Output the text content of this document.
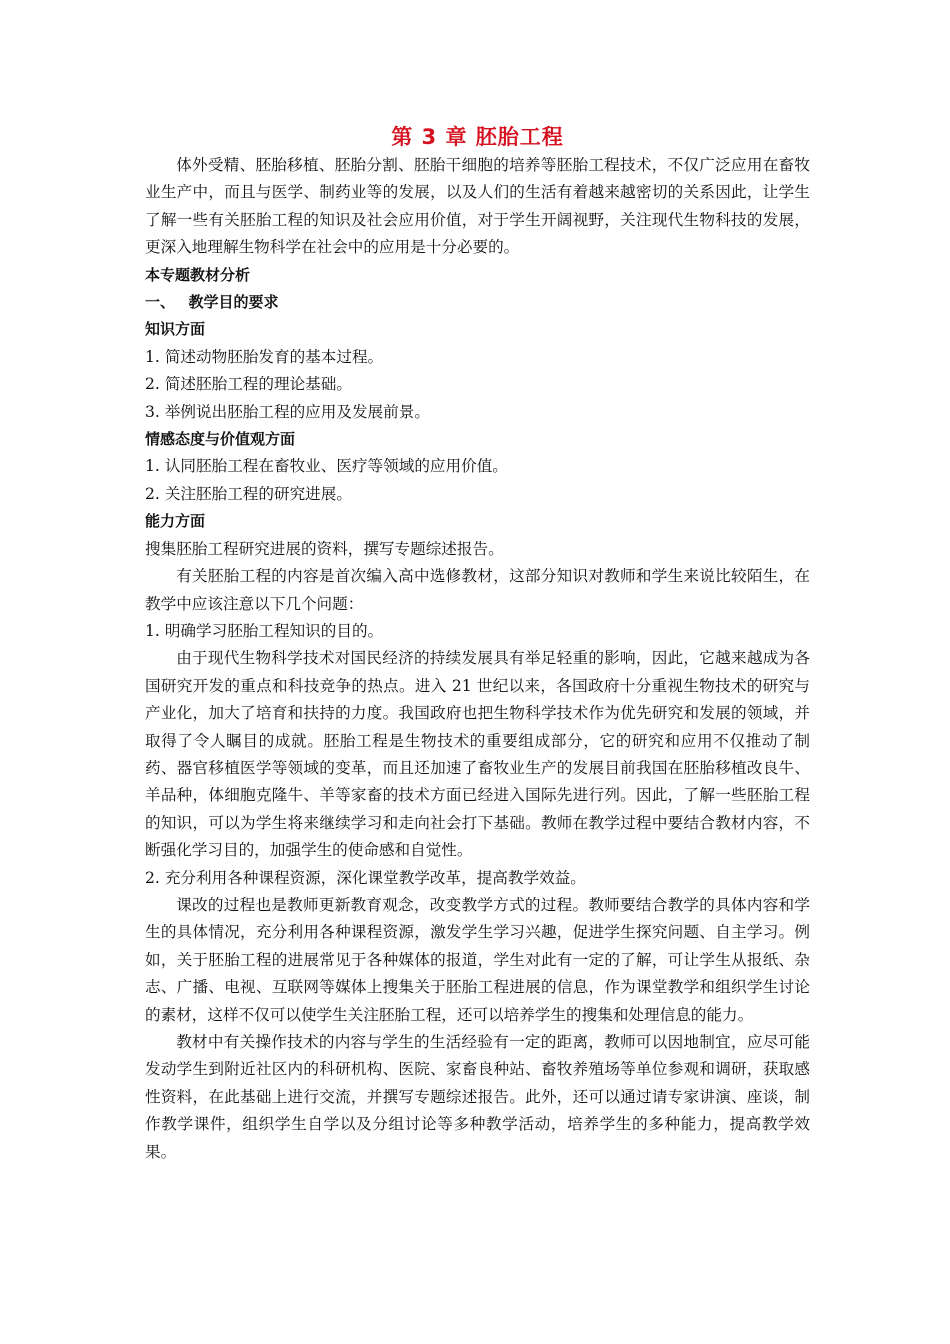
第 3 章 胚胎工程

体外受精、胚胎移植、胚胎分割、胚胎干细胞的培养等胚胎工程技术，不仅广泛应用在畜牧业生产中，而且与医学、制药业等的发展，以及人们的生活有着越来越密切的关系因此，让学生了解一些有关胚胎工程的知识及社会应用价值，对于学生开阔视野，关注现代生物科技的发展，更深入地理解生物科学在社会中的应用是十分必要的。

本专题教材分析

一、 教学目的要求

知识方面

1. 简述动物胚胎发育的基本过程。

2. 简述胚胎工程的理论基础。

3. 举例说出胚胎工程的应用及发展前景。

情感态度与价值观方面

1. 认同胚胎工程在畜牧业、医疗等领域的应用价值。

2. 关注胚胎工程的研究进展。

能力方面

搜集胚胎工程研究进展的资料，撰写专题综述报告。

有关胚胎工程的内容是首次编入高中选修教材，这部分知识对教师和学生来说比较陌生，在教学中应该注意以下几个问题：

1. 明确学习胚胎工程知识的目的。

由于现代生物科学技术对国民经济的持续发展具有举足轻重的影响，因此，它越来越成为各国研究开发的重点和科技竞争的热点。进入 21 世纪以来，各国政府十分重视生物技术的研究与产业化，加大了培育和扶持的力度。我国政府也把生物科学技术作为优先研究和发展的领域，并取得了令人瞩目的成就。胚胎工程是生物技术的重要组成部分，它的研究和应用不仅推动了制药、器官移植医学等领域的变革，而且还加速了畜牧业生产的发展目前我国在胚胎移植改良牛、羊品种，体细胞克隆牛、羊等家畜的技术方面已经进入国际先进行列。因此，了解一些胚胎工程的知识，可以为学生将来继续学习和走向社会打下基础。教师在教学过程中要结合教材内容，不断强化学习目的，加强学生的使命感和自觉性。

2. 充分利用各种课程资源，深化课堂教学改革，提高教学效益。

课改的过程也是教师更新教育观念，改变教学方式的过程。教师要结合教学的具体内容和学生的具体情况，充分利用各种课程资源，激发学生学习兴趣，促进学生探究问题、自主学习。例如，关于胚胎工程的进展常见于各种媒体的报道，学生对此有一定的了解，可让学生从报纸、杂志、广播、电视、互联网等媒体上搜集关于胚胎工程进展的信息，作为课堂教学和组织学生讨论的素材，这样不仅可以使学生关注胚胎工程，还可以培养学生的搜集和处理信息的能力。

教材中有关操作技术的内容与学生的生活经验有一定的距离，教师可以因地制宜，应尽可能发动学生到附近社区内的科研机构、医院、家畜良种站、畜牧养殖场等单位参观和调研，获取感性资料，在此基础上进行交流，并撰写专题综述报告。此外，还可以通过请专家讲演、座谈，制作教学课件，组织学生自学以及分组讨论等多种教学活动，培养学生的多种能力，提高教学效果。
